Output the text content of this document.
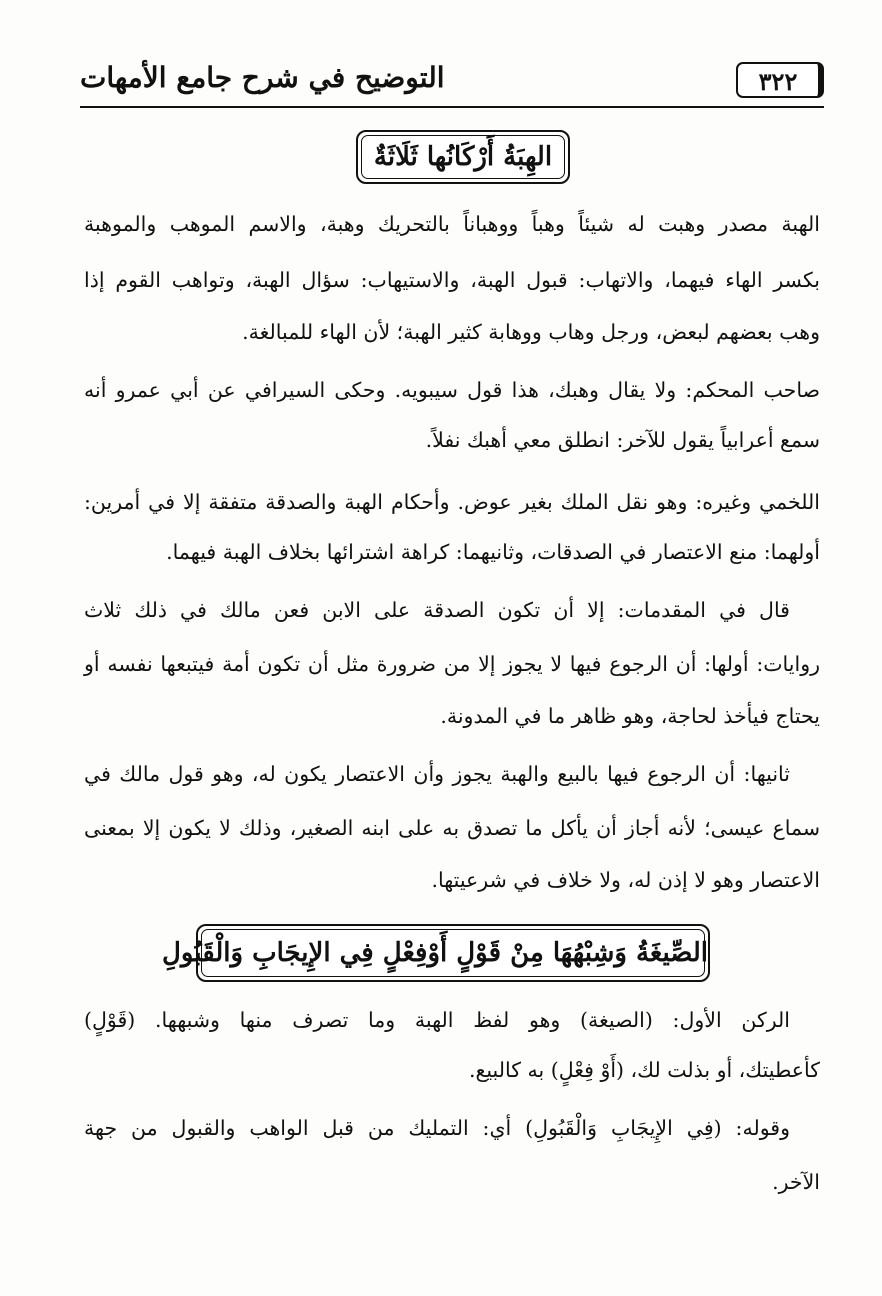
٣٢٢
التوضيح في شرح جامع الأمهات
الهِبَةُ أَرْكَانُها ثَلَاثَةٌ
الهبة مصدر وهبت له شيئاً وهباً ووهباناً بالتحريك وهبة، والاسم الموهب والموهبة
بكسر الهاء فيهما، والاتهاب: قبول الهبة، والاستيهاب: سؤال الهبة، وتواهب القوم إذا
وهب بعضهم لبعض، ورجل وهاب ووهابة كثير الهبة؛ لأن الهاء للمبالغة.
صاحب المحكم: ولا يقال وهبك، هذا قول سيبويه. وحكى السيرافي عن أبي عمرو أنه
سمع أعرابياً يقول للآخر: انطلق معي أهبك نفلاً.
اللخمي وغيره: وهو نقل الملك بغير عوض. وأحكام الهبة والصدقة متفقة إلا في أمرين:
أولهما: منع الاعتصار في الصدقات، وثانيهما: كراهة اشترائها بخلاف الهبة فيهما.
قال في المقدمات: إلا أن تكون الصدقة على الابن فعن مالك في ذلك ثلاث
روايات: أولها: أن الرجوع فيها لا يجوز إلا من ضرورة مثل أن تكون أمة فيتبعها نفسه أو
يحتاج فيأخذ لحاجة، وهو ظاهر ما في المدونة.
ثانيها: أن الرجوع فيها بالبيع والهبة يجوز وأن الاعتصار يكون له، وهو قول مالك في
سماع عيسى؛ لأنه أجاز أن يأكل ما تصدق به على ابنه الصغير، وذلك لا يكون إلا بمعنى
الاعتصار وهو لا إذن له، ولا خلاف في شرعيتها.
الصِّيغَةُ وَشِبْهُهَا مِنْ قَوْلٍ أَوْفِعْلٍ فِي الإِيجَابِ وَالْقَبُولِ
الركن الأول: (الصيغة) وهو لفظ الهبة وما تصرف منها وشبهها. (قَوْلٍ)
كأعطيتك، أو بذلت لك، (أَوْ فِعْلٍ) به كالبيع.
وقوله: (فِي الإِيجَابِ وَالْقَبُولِ) أي: التمليك من قبل الواهب والقبول من جهة
الآخر.
